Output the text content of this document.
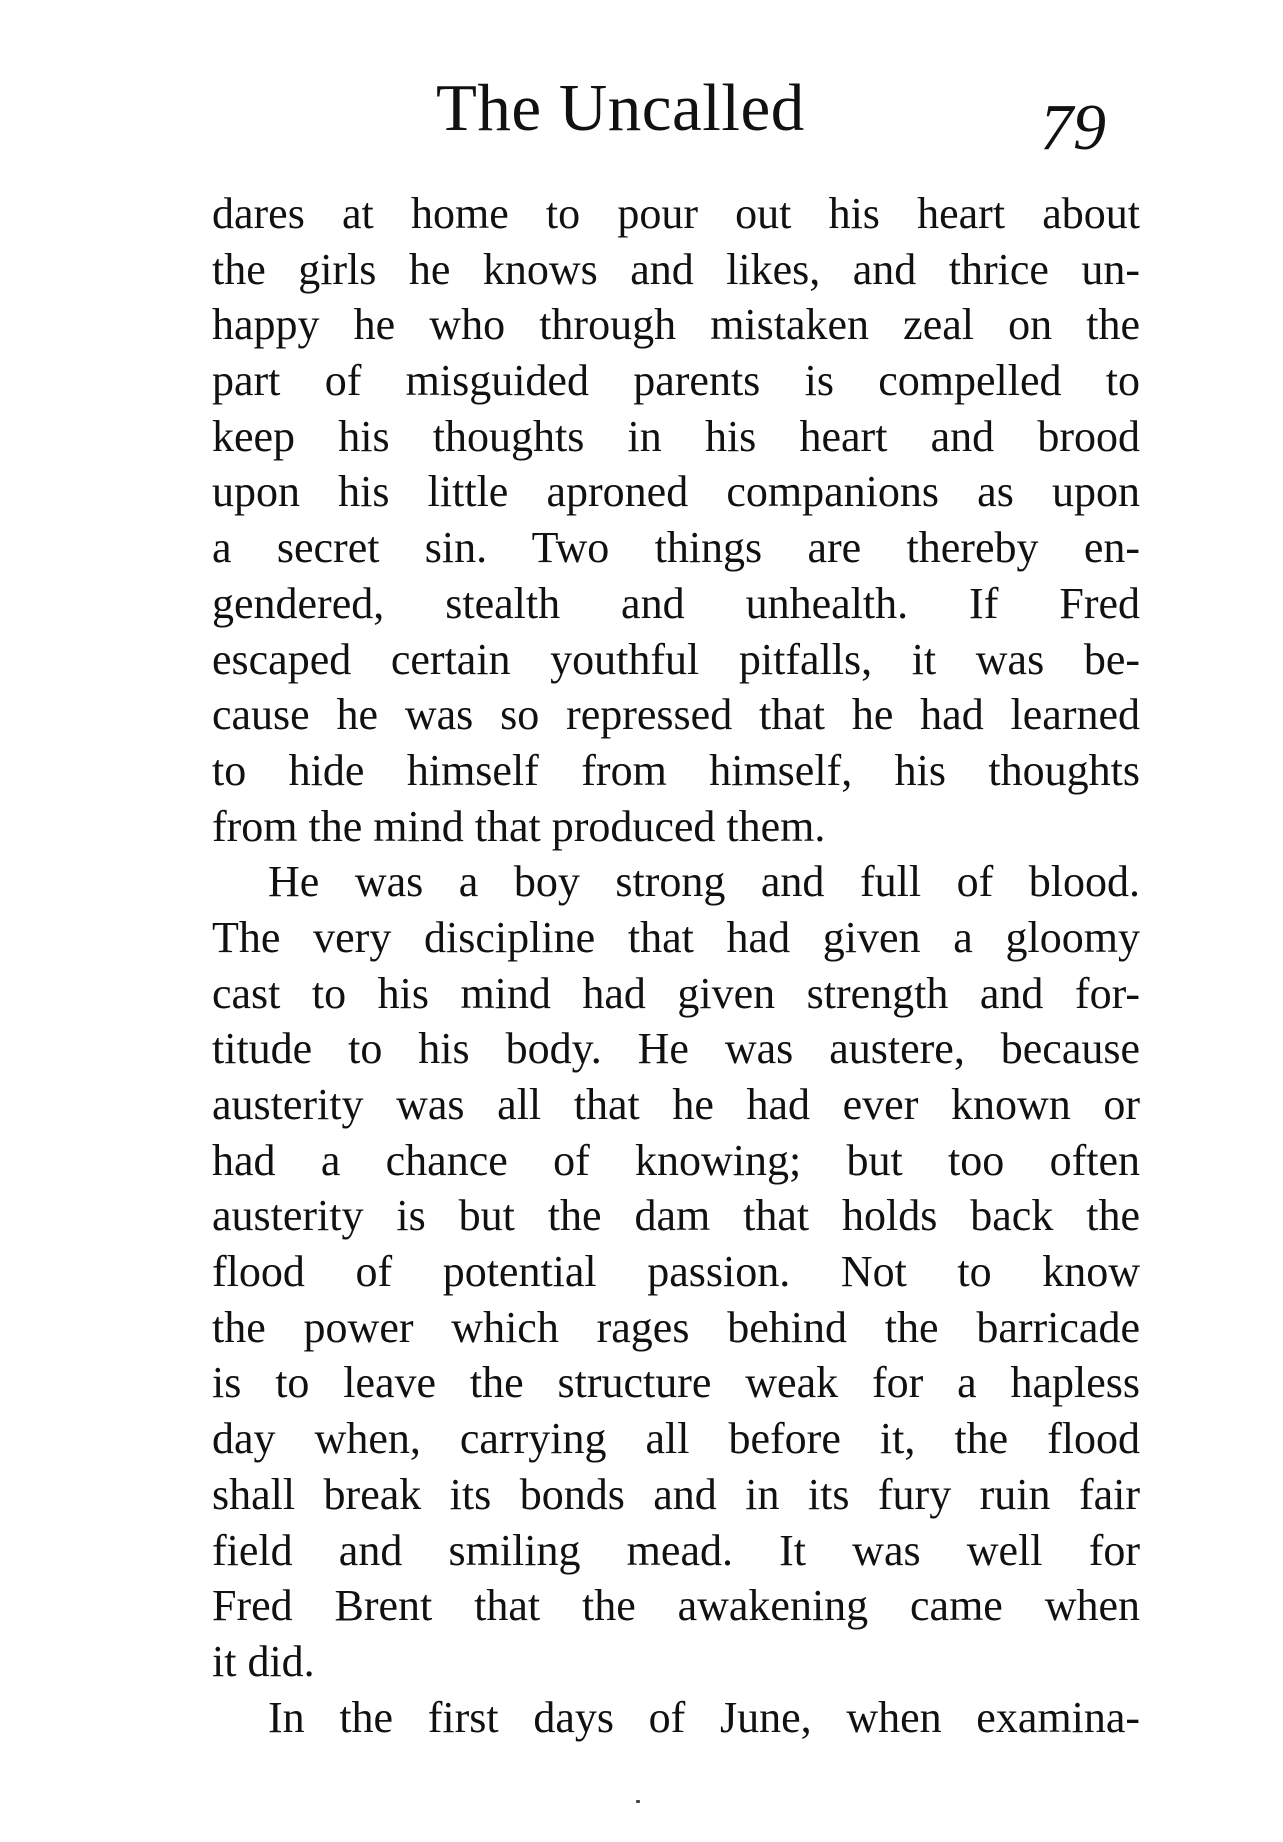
The Uncalled	79
dares at home to pour out his heart about
the girls he knows and likes, and thrice un-
happy he who through mistaken zeal on the
part of misguided parents is compelled to
keep his thoughts in his heart and brood
upon his little aproned companions as upon
a secret sin. Two things are thereby en-
gendered, stealth and unhealth. If Fred
escaped certain youthful pitfalls, it was be-
cause he was so repressed that he had learned
to hide himself from himself, his thoughts
from the mind that produced them.
He was a boy strong and full of blood.
The very discipline that had given a gloomy
cast to his mind had given strength and for-
titude to his body. He was austere, because
austerity was all that he had ever known or
had a chance of knowing; but too often
austerity is but the dam that holds back the
flood of potential passion. Not to know
the power which rages behind the barricade
is to leave the structure weak for a hapless
day when, carrying all before it, the flood
shall break its bonds and in its fury ruin fair
field and smiling mead. It was well for
Fred Brent that the awakening came when
it did.
In the first days of June, when examina-
